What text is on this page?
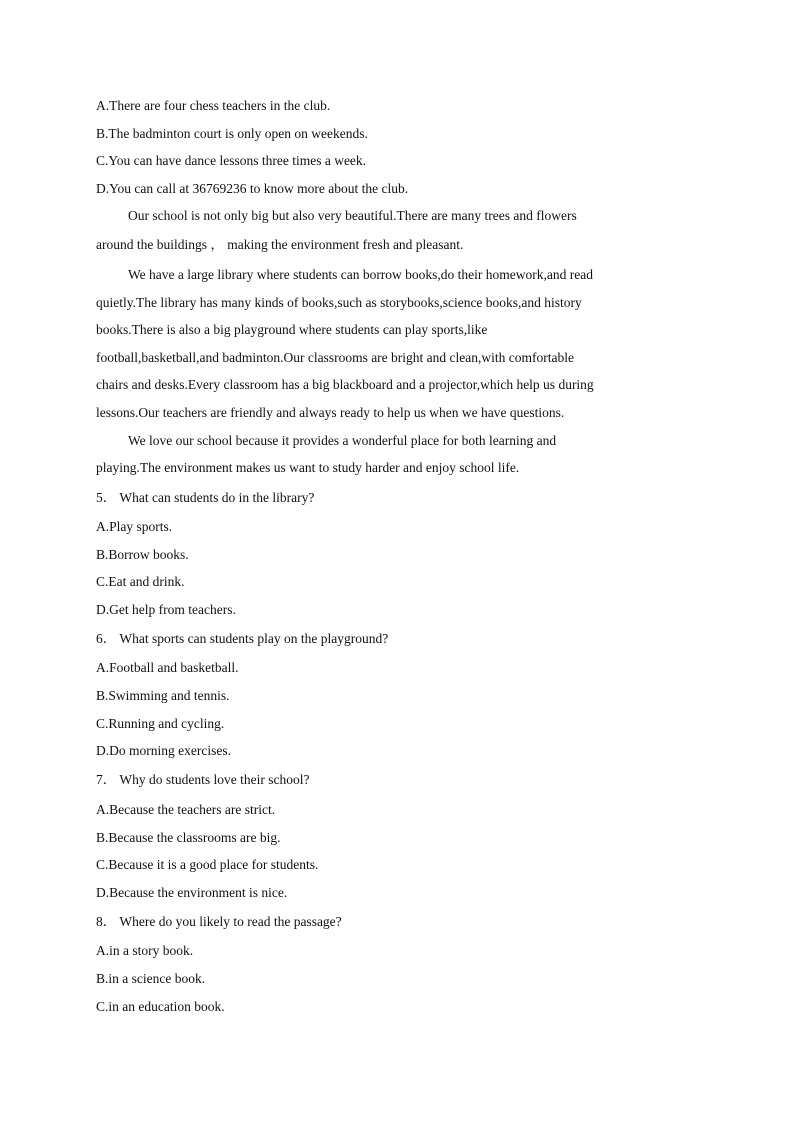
A.There are four chess teachers in the club.
B.The badminton court is only open on weekends.
C.You can have dance lessons three times a week.
D.You can call at 36769236 to know more about the club.
Our school is not only big but also very beautiful.There are many trees and flowers
around the buildings ， making the environment fresh and pleasant.
We have a large library where students can borrow books,do their homework,and read
quietly.The library has many kinds of books,such as storybooks,science books,and history
books.There is also a big playground where students can play sports,like
football,basketball,and badminton.Our classrooms are bright and clean,with comfortable
chairs and desks.Every classroom has a big blackboard and a projector,which help us during
lessons.Our teachers are friendly and always ready to help us when we have questions.
We love our school because it provides a wonderful place for both learning and
playing.The environment makes us want to study harder and enjoy school life.
5． What can students do in the library?
A.Play sports.
B.Borrow books.
C.Eat and drink.
D.Get help from teachers.
6． What sports can students play on the playground?
A.Football and basketball.
B.Swimming and tennis.
C.Running and cycling.
D.Do morning exercises.
7． Why do students love their school?
A.Because the teachers are strict.
B.Because the classrooms are big.
C.Because it is a good place for students.
D.Because the environment is nice.
8． Where do you likely to read the passage?
A.in a story book.
B.in a science book.
C.in an education book.
